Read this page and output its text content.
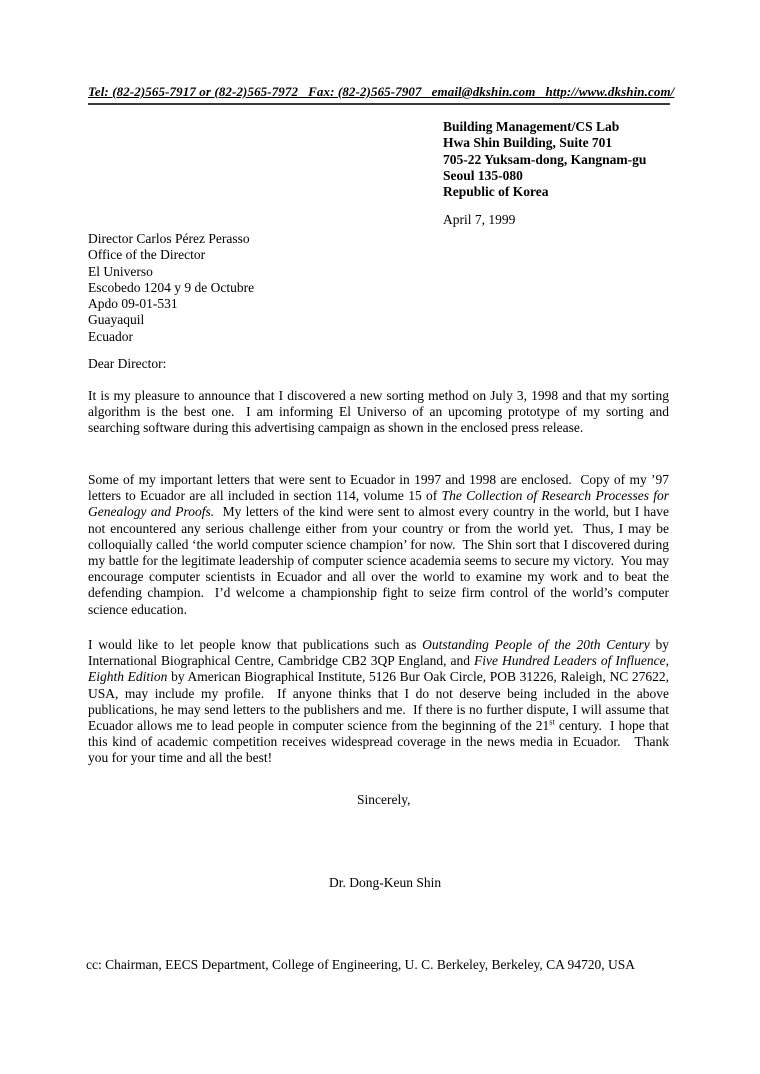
Tel: (82-2)565-7917 or (82-2)565-7972   Fax: (82-2)565-7907   email@dkshin.com   http://www.dkshin.com/
Building Management/CS Lab
Hwa Shin Building, Suite 701
705-22 Yuksam-dong, Kangnam-gu
Seoul 135-080
Republic of Korea
April 7, 1999
Director Carlos Pérez Perasso
Office of the Director
El Universo
Escobedo 1204 y 9 de Octubre
Apdo 09-01-531
Guayaquil
Ecuador
Dear Director:
It is my pleasure to announce that I discovered a new sorting method on July 3, 1998 and that my sorting algorithm is the best one.  I am informing El Universo of an upcoming prototype of my sorting and searching software during this advertising campaign as shown in the enclosed press release.
Some of my important letters that were sent to Ecuador in 1997 and 1998 are enclosed.  Copy of my ’97 letters to Ecuador are all included in section 114, volume 15 of The Collection of Research Processes for Genealogy and Proofs.  My letters of the kind were sent to almost every country in the world, but I have not encountered any serious challenge either from your country or from the world yet.  Thus, I may be colloquially called ‘the world computer science champion’ for now.  The Shin sort that I discovered during my battle for the legitimate leadership of computer science academia seems to secure my victory.  You may encourage computer scientists in Ecuador and all over the world to examine my work and to beat the defending champion.  I’d welcome a championship fight to seize firm control of the world’s computer science education.
I would like to let people know that publications such as Outstanding People of the 20th Century by International Biographical Centre, Cambridge CB2 3QP England, and Five Hundred Leaders of Influence, Eighth Edition by American Biographical Institute, 5126 Bur Oak Circle, POB 31226, Raleigh, NC 27622, USA, may include my profile.  If anyone thinks that I do not deserve being included in the above publications, he may send letters to the publishers and me.  If there is no further dispute, I will assume that Ecuador allows me to lead people in computer science from the beginning of the 21st century.  I hope that this kind of academic competition receives widespread coverage in the news media in Ecuador.   Thank you for your time and all the best!
Sincerely,
Dr. Dong-Keun Shin
cc: Chairman, EECS Department, College of Engineering, U. C. Berkeley, Berkeley, CA 94720, USA
